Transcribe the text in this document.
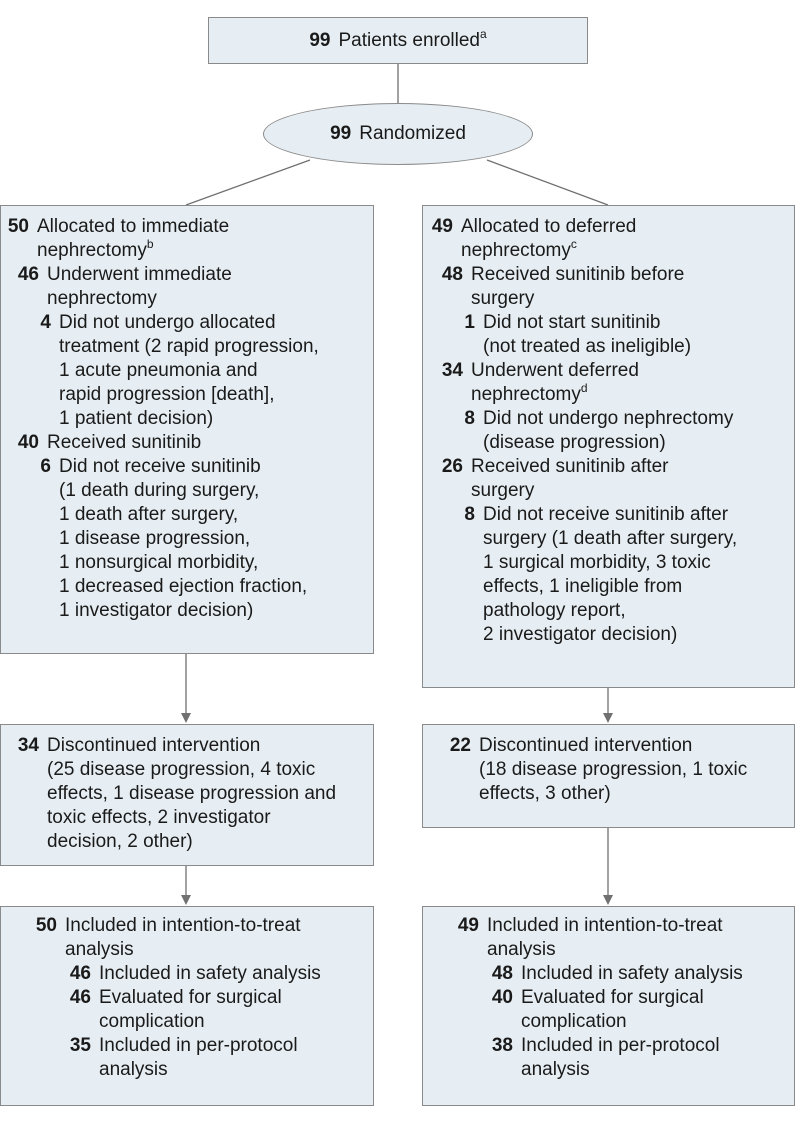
99 Patients enrolled$^a$
99 Randomized
50 Allocated to immediate
nephrectomy$^b$
46 Underwent immediate
nephrectomy
4 Did not undergo allocated
treatment (2 rapid progression,
1 acute pneumonia and
rapid progression [death],
1 patient decision)
40 Received sunitinib
6 Did not receive sunitinib
(1 death during surgery,
1 death after surgery,
1 disease progression,
1 nonsurgical morbidity,
1 decreased ejection fraction,
1 investigator decision)
49 Allocated to deferred
nephrectomy$^c$
48 Received sunitinib before
surgery
1 Did not start sunitinib
(not treated as ineligible)
34 Underwent deferred
nephrectomy$^d$
8 Did not undergo nephrectomy
(disease progression)
26 Received sunitinib after
surgery
8 Did not receive sunitinib after
surgery (1 death after surgery,
1 surgical morbidity, 3 toxic
effects, 1 ineligible from
pathology report,
2 investigator decision)
34 Discontinued intervention
(25 disease progression, 4 toxic
effects, 1 disease progression and
toxic effects, 2 investigator
decision, 2 other)
22 Discontinued intervention
(18 disease progression, 1 toxic
effects, 3 other)
50 Included in intention-to-treat
analysis
46 Included in safety analysis
46 Evaluated for surgical
complication
35 Included in per-protocol
analysis
49 Included in intention-to-treat
analysis
48 Included in safety analysis
40 Evaluated for surgical
complication
38 Included in per-protocol
analysis
